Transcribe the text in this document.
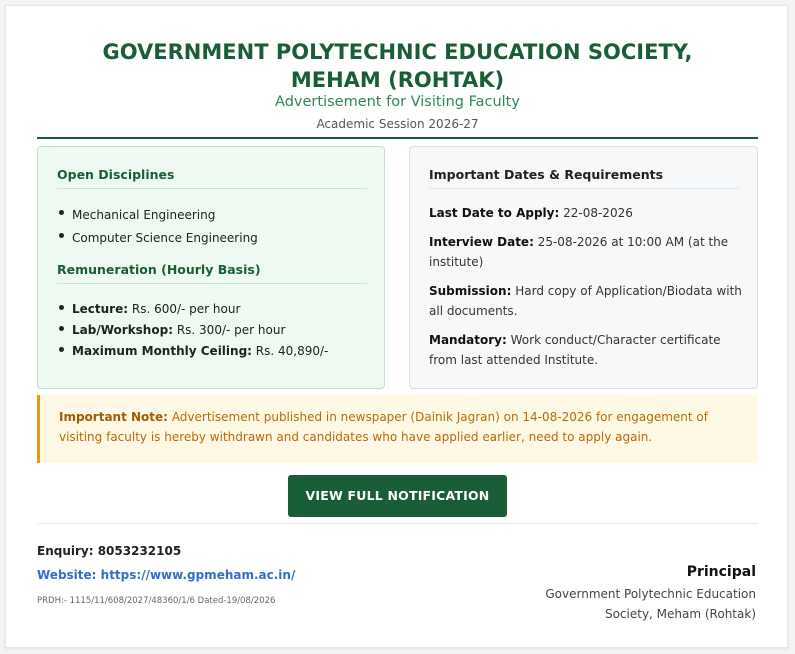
GOVERNMENT POLYTECHNIC EDUCATION SOCIETY, MEHAM (ROHTAK)
Advertisement for Visiting Faculty
Academic Session 2026-27
Open Disciplines
Mechanical Engineering
Computer Science Engineering
Remuneration (Hourly Basis)
Lecture: Rs. 600/- per hour
Lab/Workshop: Rs. 300/- per hour
Maximum Monthly Ceiling: Rs. 40,890/-
Important Dates & Requirements
Last Date to Apply: 22-08-2026
Interview Date: 25-08-2026 at 10:00 AM (at the institute)
Submission: Hard copy of Application/Biodata with all documents.
Mandatory: Work conduct/Character certificate from last attended Institute.
Important Note: Advertisement published in newspaper (Dainik Jagran) on 14-08-2026 for engagement of visiting faculty is hereby withdrawn and candidates who have applied earlier, need to apply again.
VIEW FULL NOTIFICATION
Enquiry: 8053232105
Website: https://www.gpmeham.ac.in/
PRDH:- 1115/11/608/2027/48360/1/6 Dated-19/08/2026
Principal
Government Polytechnic Education Society, Meham (Rohtak)
